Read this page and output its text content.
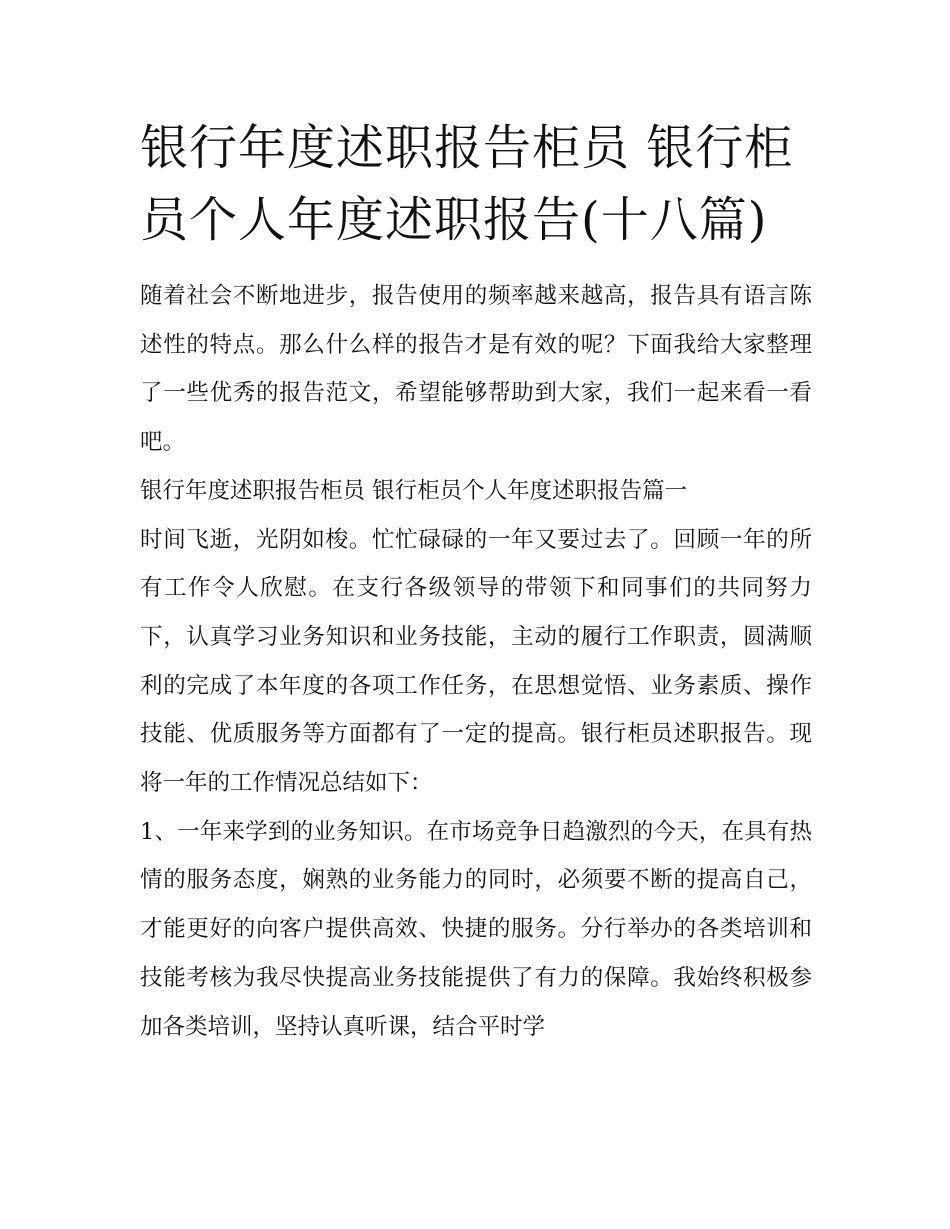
银行年度述职报告柜员 银行柜员个人年度述职报告(十八篇)

随着社会不断地进步，报告使用的频率越来越高，报告具有语言陈述性的特点。那么什么样的报告才是有效的呢？下面我给大家整理了一些优秀的报告范文，希望能够帮助到大家，我们一起来看一看吧。

银行年度述职报告柜员 银行柜员个人年度述职报告篇一

时间飞逝，光阴如梭。忙忙碌碌的一年又要过去了。回顾一年的所有工作令人欣慰。在支行各级领导的带领下和同事们的共同努力下，认真学习业务知识和业务技能，主动的履行工作职责，圆满顺利的完成了本年度的各项工作任务，在思想觉悟、业务素质、操作技能、优质服务等方面都有了一定的提高。银行柜员述职报告。现将一年的工作情况总结如下：

1、一年来学到的业务知识。在市场竞争日趋激烈的今天，在具有热情的服务态度，娴熟的业务能力的同时，必须要不断的提高自己，才能更好的向客户提供高效、快捷的服务。分行举办的各类培训和技能考核为我尽快提高业务技能提供了有力的保障。我始终积极参加各类培训，坚持认真听课，结合平时学
